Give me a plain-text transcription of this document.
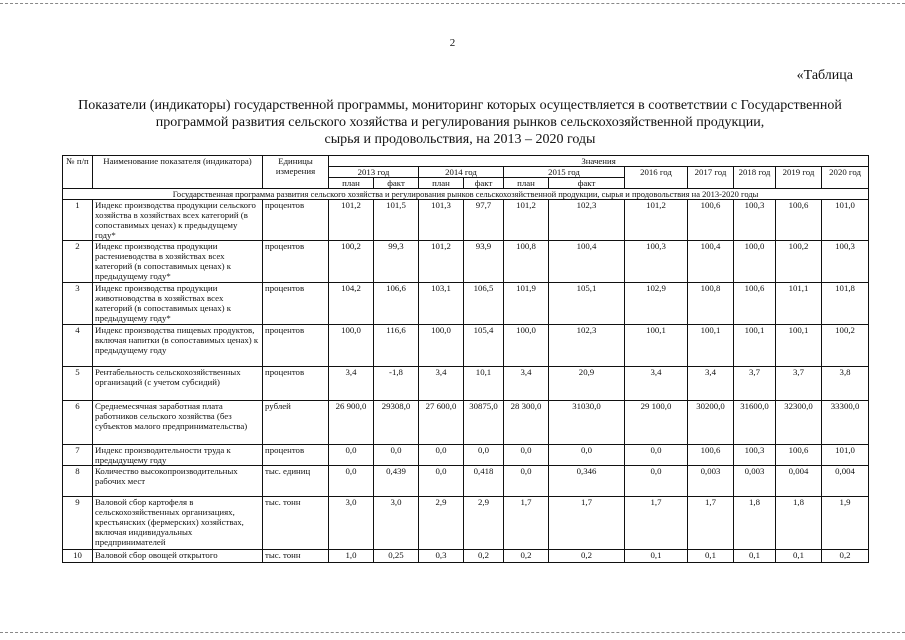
2
«Таблица
Показатели (индикаторы) государственной программы, мониторинг которых осуществляется в соответствии с Государственной
программой развития сельского хозяйства и регулирования рынков сельскохозяйственной продукции,
сырья и продовольствия, на 2013 – 2020 годы
№ п/п	Наименование показателя (индикатора)	Единицы измерения	Значения										
			2013 год		2014 год		2015 год		2016 год	2017 год	2018 год	2019 год	2020 год
			план	факт	план	факт	план	факт					
Государственная программа развития сельского хозяйства и регулирования рынков сельскохозяйственной продукции, сырья и продовольствия на 2013-2020 годы													
1	Индекс производства продукции сельского хозяйства в хозяйствах всех категорий (в сопоставимых ценах) к предыдущему году*	процентов	101,2	101,5	101,3	97,7	101,2	102,3	101,2	100,6	100,3	100,6	101,0
2	Индекс производства продукции растениеводства в хозяйствах всех категорий (в сопоставимых ценах) к предыдущему году*	процентов	100,2	99,3	101,2	93,9	100,8	100,4	100,3	100,4	100,0	100,2	100,3
3	Индекс производства продукции животноводства в хозяйствах всех категорий (в сопоставимых ценах) к предыдущему году*	процентов	104,2	106,6	103,1	106,5	101,9	105,1	102,9	100,8	100,6	101,1	101,8
4	Индекс производства пищевых продуктов, включая напитки (в сопоставимых ценах) к предыдущему году	процентов	100,0	116,6	100,0	105,4	100,0	102,3	100,1	100,1	100,1	100,1	100,2
5	Рентабельность сельскохозяйственных организаций (с учетом субсидий)	процентов	3,4	-1,8	3,4	10,1	3,4	20,9	3,4	3,4	3,7	3,7	3,8
6	Среднемесячная заработная плата работников сельского хозяйства (без субъектов малого предпринимательства)	рублей	26 900,0	29308,0	27 600,0	30875,0	28 300,0	31030,0	29 100,0	30200,0	31600,0	32300,0	33300,0
7	Индекс производительности труда к предыдущему году	процентов	0,0	0,0	0,0	0,0	0,0	0,0	0,0	100,6	100,3	100,6	101,0
8	Количество высокопроизводительных рабочих мест	тыс. единиц	0,0	0,439	0,0	0,418	0,0	0,346	0,0	0,003	0,003	0,004	0,004
9	Валовой сбор картофеля в сельскохозяйственных организациях, крестьянских (фермерских) хозяйствах, включая индивидуальных предпринимателей	тыс. тонн	3,0	3,0	2,9	2,9	1,7	1,7	1,7	1,7	1,8	1,8	1,9
10	Валовой сбор овощей открытого	тыс. тонн	1,0	0,25	0,3	0,2	0,2	0,2	0,1	0,1	0,1	0,1	0,2
